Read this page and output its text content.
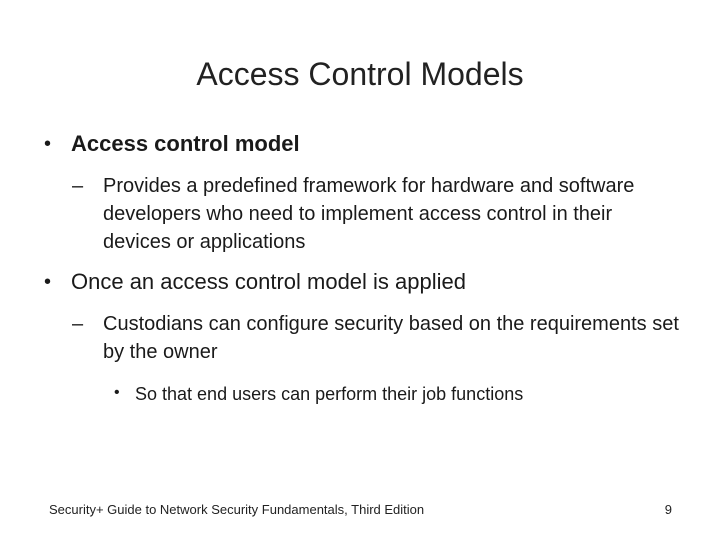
Access Control Models
• Access control model
– Provides a predefined framework for hardware and software developers who need to implement access control in their devices or applications
• Once an access control model is applied
– Custodians can configure security based on the requirements set by the owner
• So that end users can perform their job functions
Security+ Guide to Network Security Fundamentals, Third Edition	9
